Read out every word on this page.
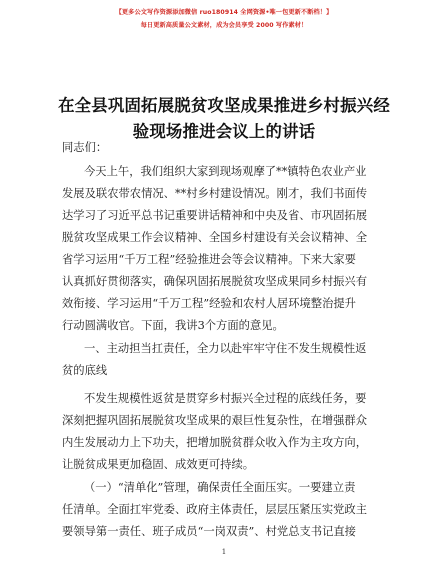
【更多公文写作资源添加微信 ruo180914 全网资源•唯一包更新不断档！】
每日更新高质量公文素材，成为会员享受 2000 写作素材！
在全县巩固拓展脱贫攻坚成果推进乡村振兴经
验现场推进会议上的讲话
同志们：
今天上午，我们组织大家到现场观摩了**镇特色农业产业
发展及联农带农情况、**村乡村建设情况。刚才，我们书面传
达学习了习近平总书记重要讲话精神和中央及省、市巩固拓展
脱贫攻坚成果工作会议精神、全国乡村建设有关会议精神、全
省学习运用“千万工程”经验推进会等会议精神。下来大家要
认真抓好贯彻落实，确保巩固拓展脱贫攻坚成果同乡村振兴有
效衔接、学习运用“千万工程”经验和农村人居环境整治提升
行动圆满收官。下面，我讲3个方面的意见。
一、主动担当扛责任，全力以赴牢牢守住不发生规模性返
贫的底线
不发生规模性返贫是贯穿乡村振兴全过程的底线任务，要
深刻把握巩固拓展脱贫攻坚成果的艰巨性复杂性，在增强群众
内生发展动力上下功夫，把增加脱贫群众收入作为主攻方向，
让脱贫成果更加稳固、成效更可持续。
（一）“清单化”管理，确保责任全面压实。一要建立责
任清单。全面扛牢党委、政府主体责任，层层压紧压实党政主
要领导第一责任、班子成员“一岗双责”、村党总支书记直接
1
